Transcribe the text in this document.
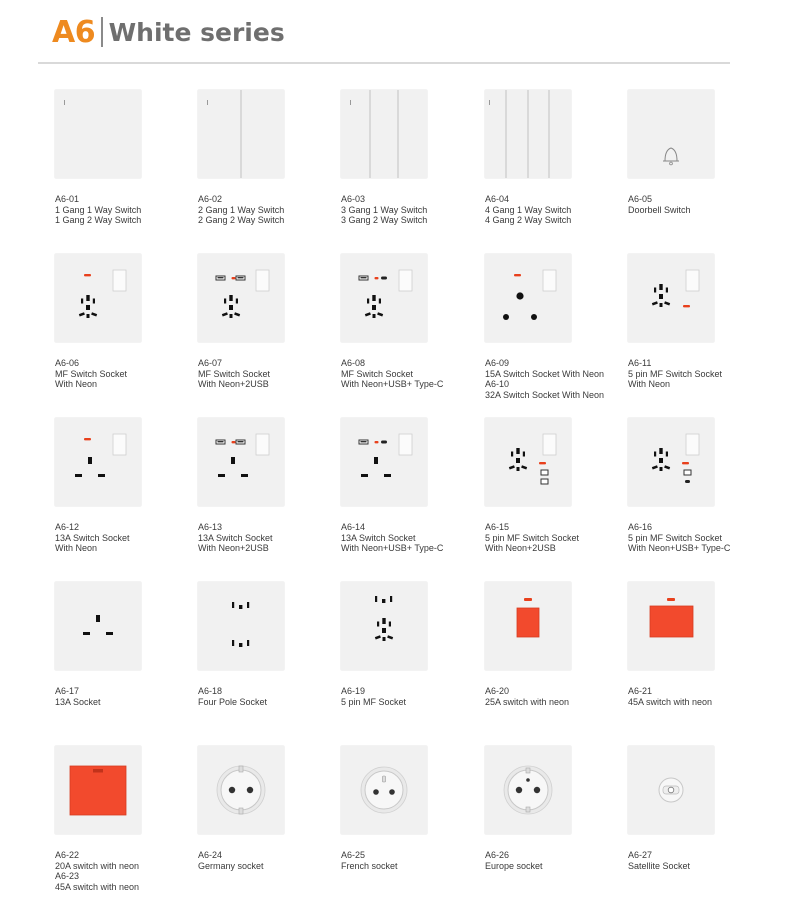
A6 White series
A6-01
1 Gang 1 Way Switch
1 Gang 2 Way Switch
A6-02
2 Gang 1 Way Switch
2 Gang 2 Way Switch
A6-03
3 Gang 1 Way Switch
3 Gang 2 Way Switch
A6-04
4 Gang 1 Way Switch
4 Gang 2 Way Switch
A6-05
Doorbell Switch
A6-06
MF Switch Socket
With Neon
A6-07
MF Switch Socket
With Neon+2USB
A6-08
MF Switch Socket
With Neon+USB+ Type-C
A6-09
15A Switch Socket With Neon
A6-10
32A Switch Socket With Neon
A6-11
5 pin MF Switch Socket
With Neon
A6-12
13A Switch Socket
With Neon
A6-13
13A Switch Socket
With Neon+2USB
A6-14
13A Switch Socket
With Neon+USB+ Type-C
A6-15
5 pin MF Switch Socket
With Neon+2USB
A6-16
5 pin MF Switch Socket
With Neon+USB+ Type-C
A6-17
13A Socket
A6-18
Four Pole Socket
A6-19
5 pin MF Socket
A6-20
25A switch with neon
A6-21
45A switch with neon
A6-22
20A switch with neon
A6-23
45A switch with neon
A6-24
Germany socket
A6-25
French socket
A6-26
Europe socket
A6-27
Satellite Socket
